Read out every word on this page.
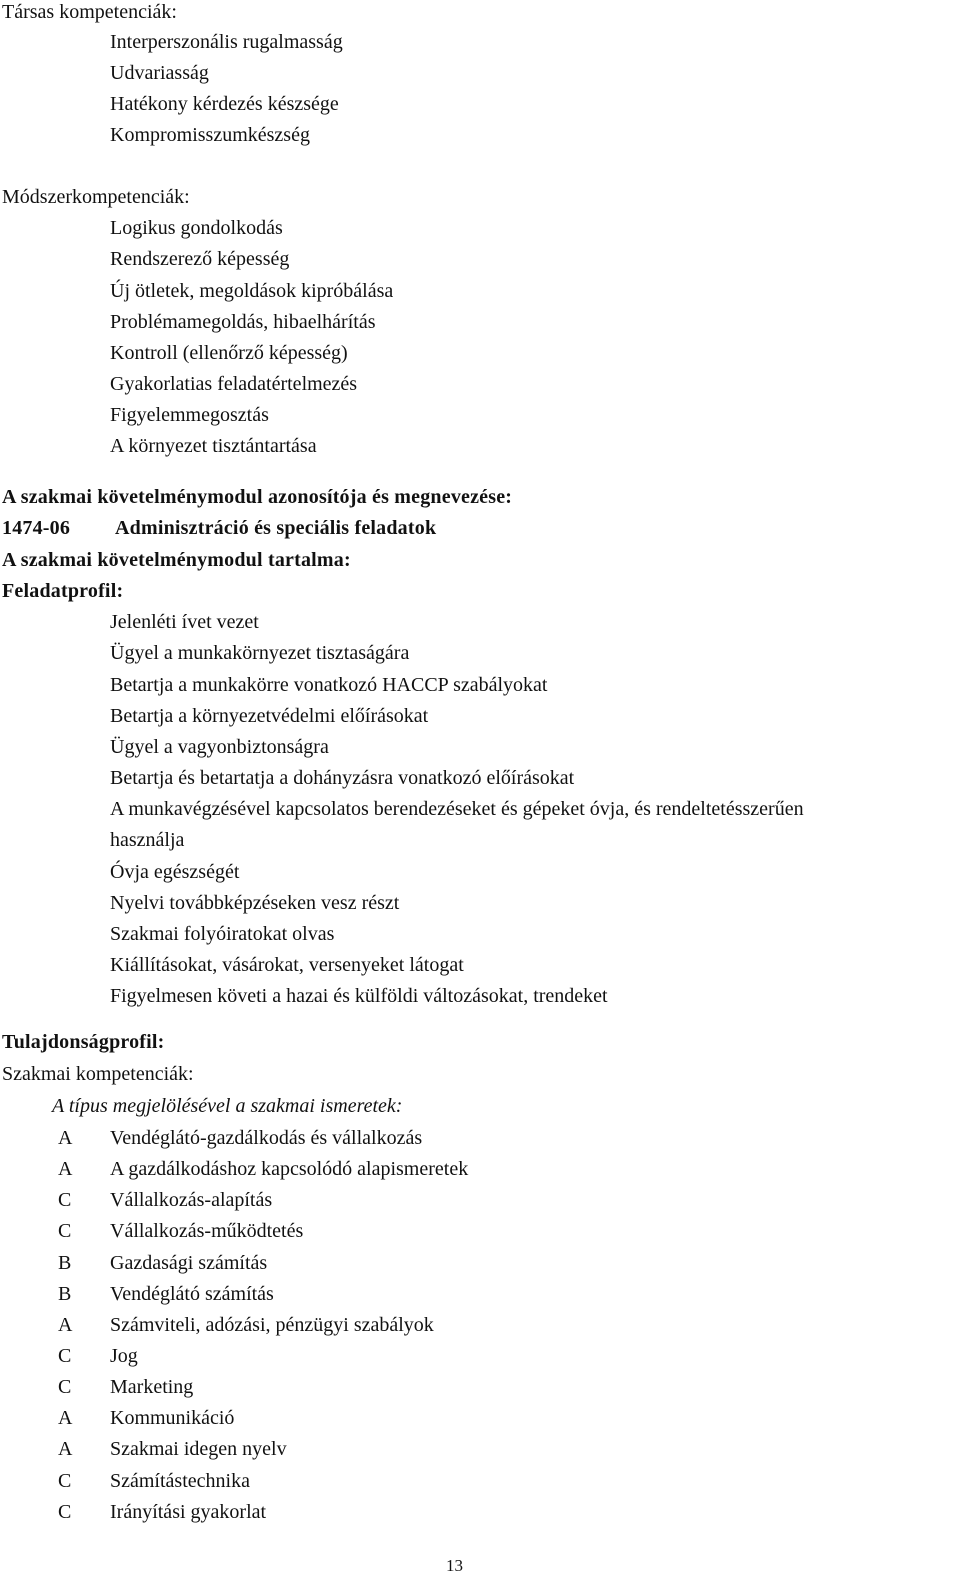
Társas kompetenciák:
Interperszonális rugalmasság
Udvariasság
Hatékony kérdezés készsége
Kompromisszumkészség
Módszerkompetenciák:
Logikus gondolkodás
Rendszerező képesség
Új ötletek, megoldások kipróbálása
Problémamegoldás, hibaelhárítás
Kontroll (ellenőrző képesség)
Gyakorlatias feladatértelmezés
Figyelemmegosztás
A környezet tisztántartása
A szakmai követelménymodul azonosítója és megnevezése:
1474-06 Adminisztráció és speciális feladatok
A szakmai követelménymodul tartalma:
Feladatprofil:
Jelenléti ívet vezet
Ügyel a munkakörnyezet tisztaságára
Betartja a munkakörre vonatkozó HACCP szabályokat
Betartja a környezetvédelmi előírásokat
Ügyel a vagyonbiztonságra
Betartja és betartatja a dohányzásra vonatkozó előírásokat
A munkavégzésével kapcsolatos berendezéseket és gépeket óvja, és rendeltetésszerűen
használja
Óvja egészségét
Nyelvi továbbképzéseken vesz részt
Szakmai folyóiratokat olvas
Kiállításokat, vásárokat, versenyeket látogat
Figyelmesen követi a hazai és külföldi változásokat, trendeket
Tulajdonságprofil:
Szakmai kompetenciák:
A típus megjelölésével a szakmai ismeretek:
A Vendéglátó-gazdálkodás és vállalkozás
A A gazdálkodáshoz kapcsolódó alapismeretek
C	Vállalkozás-alapítás
C	Vállalkozás-működtetés
B	Gazdasági számítás
B	Vendéglátó számítás
A Számviteli, adózási, pénzügyi szabályok
C	Jog
C	Marketing
A Kommunikáció
A Szakmai idegen nyelv
C	Számítástechnika
C	Irányítási gyakorlat
13
